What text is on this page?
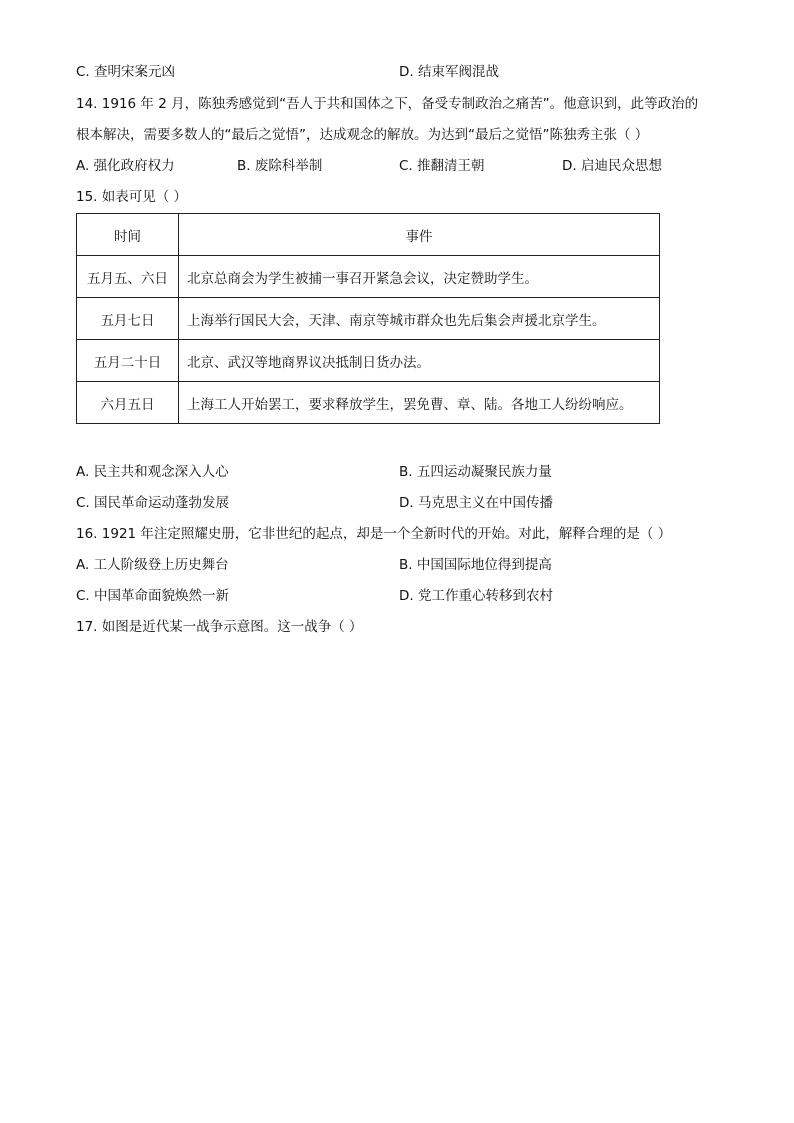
C. 查明宋案元凶	D. 结束军阀混战
14. 1916 年 2 月，陈独秀感觉到“吾人于共和国体之下，备受专制政治之痛苦”。他意识到，此等政治的
根本解决，需要多数人的“最后之觉悟”，达成观念的解放。为达到“最后之觉悟”陈独秀主张（ ）
A. 强化政府权力	B. 废除科举制	C. 推翻清王朝	D. 启迪民众思想
15. 如表可见（ ）
时间	事件
五月五、六日	北京总商会为学生被捕一事召开紧急会议，决定赞助学生。
五月七日	上海举行国民大会，天津、南京等城市群众也先后集会声援北京学生。
五月二十日	北京、武汉等地商界议决抵制日货办法。
六月五日	上海工人开始罢工，要求释放学生，罢免曹、章、陆。各地工人纷纷响应。
A. 民主共和观念深入人心	B. 五四运动凝聚民族力量
C. 国民革命运动蓬勃发展	D. 马克思主义在中国传播
16. 1921 年注定照耀史册，它非世纪的起点，却是一个全新时代的开始。对此，解释合理的是（ ）
A. 工人阶级登上历史舞台	B. 中国国际地位得到提高
C. 中国革命面貌焕然一新	D. 党工作重心转移到农村
17. 如图是近代某一战争示意图。这一战争（ ）
